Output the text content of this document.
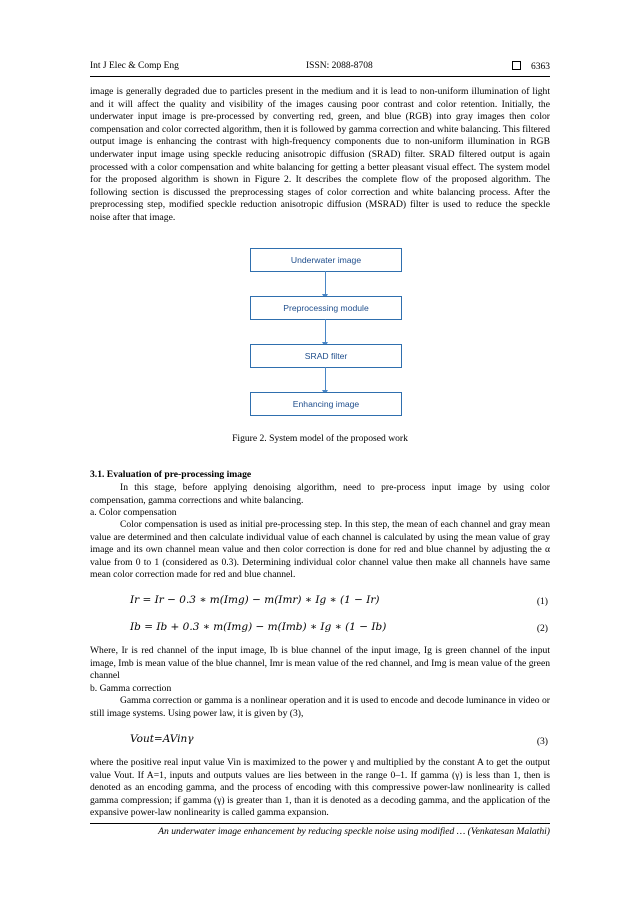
Int J Elec & Comp Eng	ISSN: 2088-8708	6363

image is generally degraded due to particles present in the medium and it is lead to non-uniform illumination of light and it will affect the quality and visibility of the images causing poor contrast and color retention. Initially, the underwater input image is pre-processed by converting red, green, and blue (RGB) into gray images then color compensation and color corrected algorithm, then it is followed by gamma correction and white balancing. This filtered output image is enhancing the contrast with high-frequency components due to non-uniform illumination in RGB underwater input image using speckle reducing anisotropic diffusion (SRAD) filter. SRAD filtered output is again processed with a color compensation and white balancing for getting a better pleasant visual effect. The system model for the proposed algorithm is shown in Figure 2. It describes the complete flow of the proposed algorithm. The following section is discussed the preprocessing stages of color correction and white balancing process. After the preprocessing step, modified speckle reduction anisotropic diffusion (MSRAD) filter is used to reduce the speckle noise after that image.

Underwater image
Preprocessing module
SRAD filter
Enhancing image
Figure 2. System model of the proposed work
3.1. Evaluation of pre-processing image

In this stage, before applying denoising algorithm, need to pre-process input image by using color compensation, gamma corrections and white balancing.

a. Color compensation

Color compensation is used as initial pre-processing step. In this step, the mean of each channel and gray mean value are determined and then calculate individual value of each channel is calculated by using the mean value of gray image and its own channel mean value and then color correction is done for red and blue channel by adjusting the α value from 0 to 1 (considered as 0.3). Determining individual color channel value then make all channels have same mean color correction made for red and blue channel.

Ir = Ir − 0.3 ∗ m(Img) − m(Imr) ∗ Ig ∗ (1 − Ir)	(1)
Ib = Ib + 0.3 ∗ m(Img) − m(Imb) ∗ Ig ∗ (1 − Ib)	(2)

Where, Ir is red channel of the input image, Ib is blue channel of the input image, Ig is green channel of the input image, Imb is mean value of the blue channel, Imr is mean value of the red channel, and Img is mean value of the green channel

b. Gamma correction

Gamma correction or gamma is a nonlinear operation and it is used to encode and decode luminance in video or still image systems. Using power law, it is given by (3),

Vout=AVinγ	(3)

where the positive real input value Vin is maximized to the power γ and multiplied by the constant A to get the output value Vout. If A=1, inputs and outputs values are lies between in the range 0–1. If gamma (γ) is less than 1, then is denoted as an encoding gamma, and the process of encoding with this compressive power-law nonlinearity is called gamma compression; if gamma (γ) is greater than 1, than it is denoted as a decoding gamma, and the application of the expansive power-law nonlinearity is called gamma expansion.

An underwater image enhancement by reducing speckle noise using modified … (Venkatesan Malathi)
